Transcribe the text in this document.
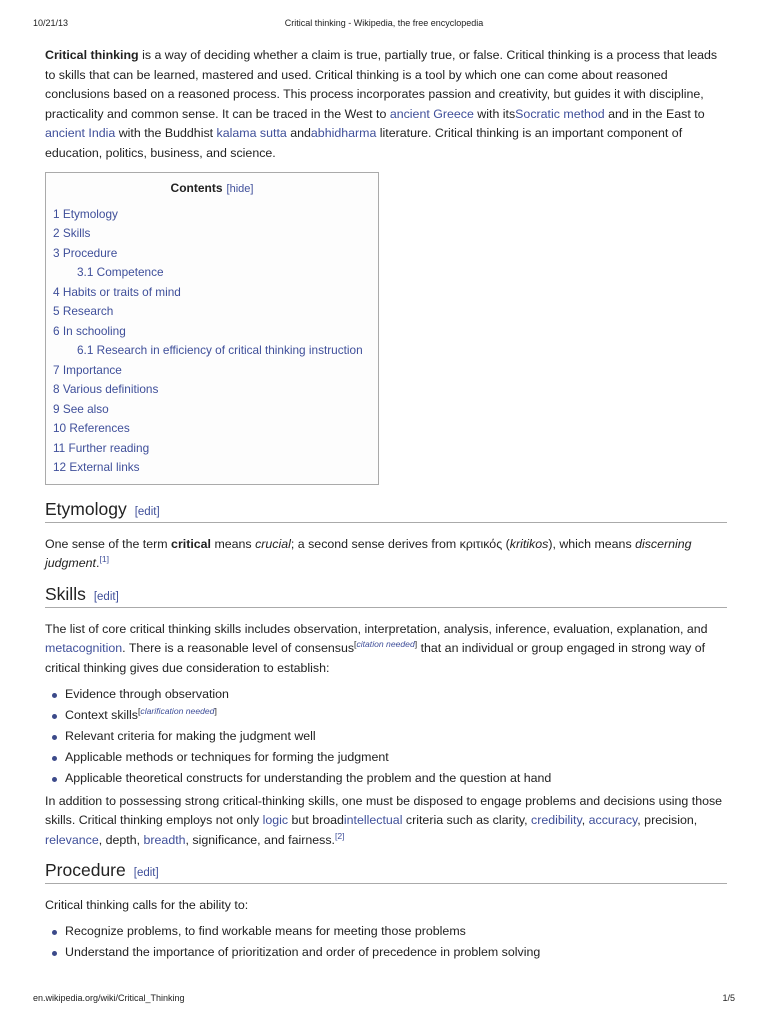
Critical thinking - Wikipedia, the free encyclopedia
10/21/13

Critical thinking is a way of deciding whether a claim is true, partially true, or false. Critical thinking is a process that leads to skills that can be learned, mastered and used. Critical thinking is a tool by which one can come about reasoned conclusions based on a reasoned process. This process incorporates passion and creativity, but guides it with discipline, practicality and common sense. It can be traced in the West to ancient Greece with itsSocratic method and in the East to ancient India with the Buddhist kalama sutta andabhidharma literature. Critical thinking is an important component of education, politics, business, and science.

Contents [hide]
1 Etymology
2 Skills
3 Procedure
3.1 Competence
4 Habits or traits of mind
5 Research
6 In schooling
6.1 Research in efficiency of critical thinking instruction
7 Importance
8 Various definitions
9 See also
10 References
11 Further reading
12 External links
Etymology [edit]

One sense of the term critical means crucial; a second sense derives from κριτικός (kritikos), which means discerning judgment.[1]

Skills [edit]

The list of core critical thinking skills includes observation, interpretation, analysis, inference, evaluation, explanation, and metacognition. There is a reasonable level of consensus[citation needed] that an individual or group engaged in strong way of critical thinking gives due consideration to establish:

Evidence through observation
Context skills[clarification needed]
Relevant criteria for making the judgment well
Applicable methods or techniques for forming the judgment
Applicable theoretical constructs for understanding the problem and the question at hand

In addition to possessing strong critical-thinking skills, one must be disposed to engage problems and decisions using those skills. Critical thinking employs not only logic but broadintellectual criteria such as clarity, credibility, accuracy, precision, relevance, depth, breadth, significance, and fairness.[2]

Procedure [edit]

Critical thinking calls for the ability to:

Recognize problems, to find workable means for meeting those problems
Understand the importance of prioritization and order of precedence in problem solving
en.wikipedia.org/wiki/Critical_Thinking	1/5
